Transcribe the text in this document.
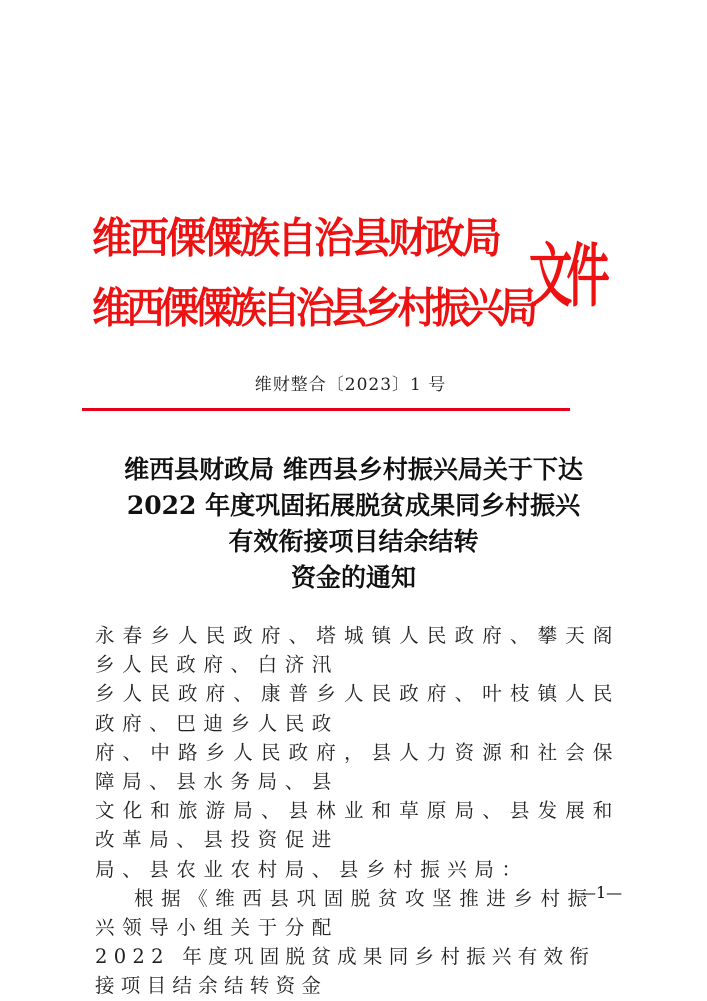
维西傈僳族自治县财政局
维西傈僳族自治县乡村振兴局
文件
维财整合〔2023〕1 号
维西县财政局 维西县乡村振兴局关于下达
2022 年度巩固拓展脱贫成果同乡村振兴
有效衔接项目结余结转
资金的通知
永春乡人民政府、塔城镇人民政府、攀天阁乡人民政府、白济汛
乡人民政府、康普乡人民政府、叶枝镇人民政府、巴迪乡人民政
府、中路乡人民政府，县人力资源和社会保障局、县水务局、县
文化和旅游局、县林业和草原局、县发展和改革局、县投资促进
局、县农业农村局、县乡村振兴局：
根据《维西县巩固脱贫攻坚推进乡村振兴领导小组关于分配
2022 年度巩固脱贫成果同乡村振兴有效衔接项目结余结转资金
—1—
